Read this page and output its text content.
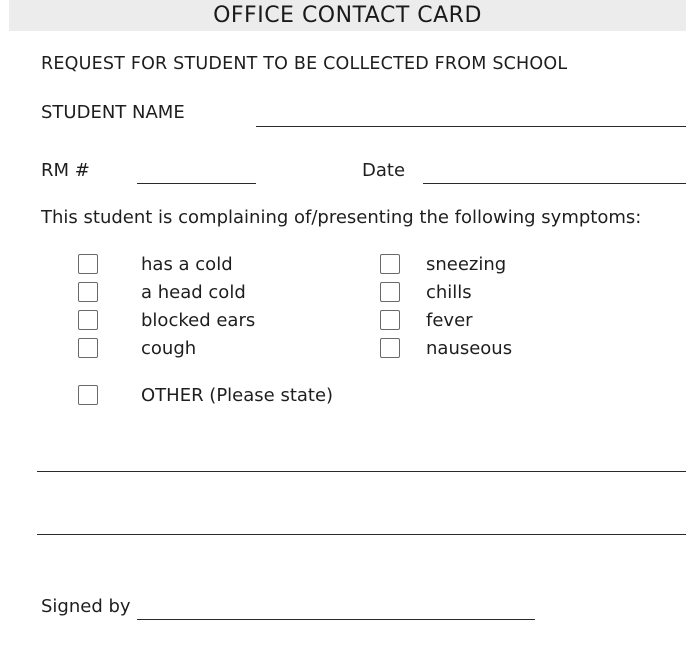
OFFICE CONTACT CARD
REQUEST FOR STUDENT TO BE COLLECTED FROM SCHOOL
STUDENT NAME
RM #	Date
This student is complaining of/presenting the following symptoms:
has a cold
a head cold
blocked ears
cough
sneezing
chills
fever
nauseous
OTHER (Please state)
Signed by
